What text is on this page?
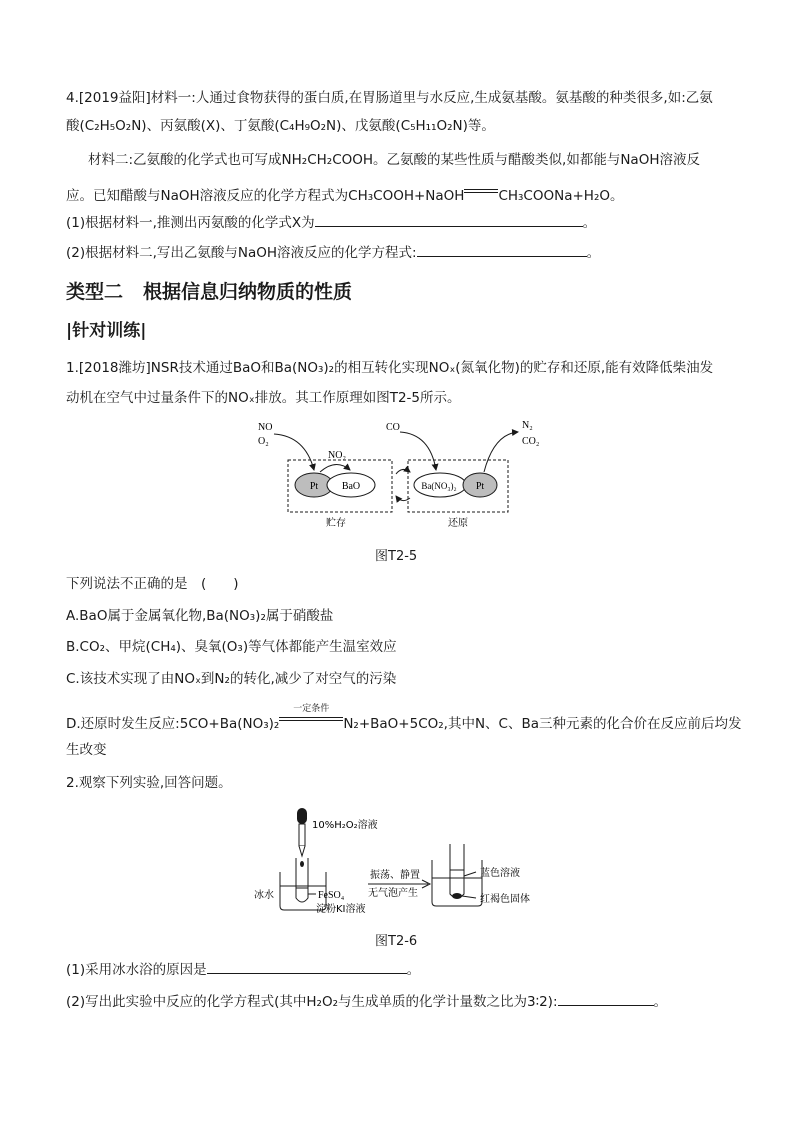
4.[2019益阳]材料一:人通过食物获得的蛋白质,在胃肠道里与水反应,生成氨基酸。氨基酸的种类很多,如:乙氨
酸(C₂H₅O₂N)、丙氨酸(X)、丁氨酸(C₄H₉O₂N)、戊氨酸(C₅H₁₁O₂N)等。
材料二:乙氨酸的化学式也可写成NH₂CH₂COOH。乙氨酸的某些性质与醋酸类似,如都能与NaOH溶液反
应。已知醋酸与NaOH溶液反应的化学方程式为CH₃COOH+NaOH	CH₃COONa+H₂O。
(1)根据材料一,推测出丙氨酸的化学式X为	。
(2)根据材料二,写出乙氨酸与NaOH溶液反应的化学方程式:	。
类型二 根据信息归纳物质的性质
|针对训练|
1.[2018潍坊]NSR技术通过BaO和Ba(NO₃)₂的相互转化实现NOₓ(氮氧化物)的贮存和还原,能有效降低柴油发
动机在空气中过量条件下的NOₓ排放。其工作原理如图T2-5所示。
Pt BaO
贮存
NO
O₂
NO₂
Ba(NO₃)₂ Pt
还原
CO	N₂
CO₂
图T2-5
下列说法不正确的是　(　　)
A.BaO属于金属氧化物,Ba(NO₃)₂属于硝酸盐
B.CO₂、甲烷(CH₄)、臭氧(O₃)等气体都能产生温室效应
C.该技术实现了由NOₓ到N₂的转化,减少了对空气的污染
D.还原时发生反应:5CO+Ba(NO₃)₂
一定条件
N₂+BaO+5CO₂,其中N、C、Ba三种元素的化合价在反应前后均发
生改变
2.观察下列实验,回答问题。
10%H₂O₂溶液
冰水	FeSO₄
淀粉KI溶液
振荡、静置
无气泡产生
蓝色溶液
红褐色固体
图T2-6
(1)采用冰水浴的原因是	。
(2)写出此实验中反应的化学方程式(其中H₂O₂与生成单质的化学计量数之比为3∶2):	。
